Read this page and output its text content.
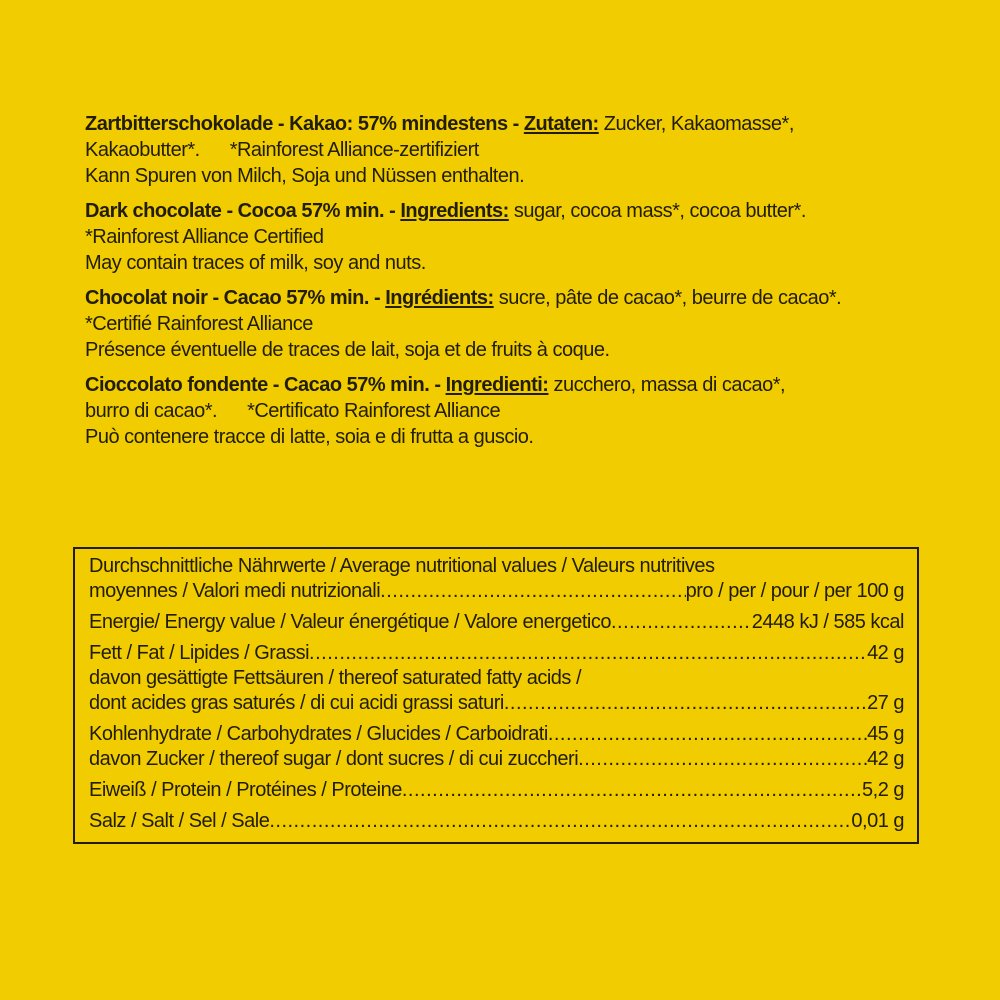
Zartbitterschokolade - Kakao: 57% mindestens - Zutaten: Zucker, Kakaomasse*,
Kakaobutter*. *Rainforest Alliance-zertifiziert
Kann Spuren von Milch, Soja und Nüssen enthalten.
Dark chocolate - Cocoa 57% min. - Ingredients: sugar, cocoa mass*, cocoa butter*.
*Rainforest Alliance Certified
May contain traces of milk, soy and nuts.
Chocolat noir - Cacao 57% min. - Ingrédients: sucre, pâte de cacao*, beurre de cacao*.
*Certifié Rainforest Alliance
Présence éventuelle de traces de lait, soja et de fruits à coque.
Cioccolato fondente - Cacao 57% min. - Ingredienti: zucchero, massa di cacao*,
burro di cacao*. *Certificato Rainforest Alliance
Può contenere tracce di latte, soia e di frutta a guscio.
Durchschnittliche Nährwerte / Average nutritional values / Valeurs nutritives
moyennes / Valori medi nutrizionali .....	pro / per / pour / per 100 g
Energie/ Energy value / Valeur énergétique / Valore energetico .....	2448 kJ / 585 kcal
Fett / Fat / Lipides / Grassi .....	42 g
davon gesättigte Fettsäuren / thereof saturated fatty acids /
dont acides gras saturés / di cui acidi grassi saturi .....	27 g
Kohlenhydrate / Carbohydrates / Glucides / Carboidrati .....	45 g
davon Zucker / thereof sugar / dont sucres / di cui zuccheri .....	42 g
Eiweiß / Protein / Protéines / Proteine .....	5,2 g
Salz / Salt / Sel / Sale .....	0,01 g
